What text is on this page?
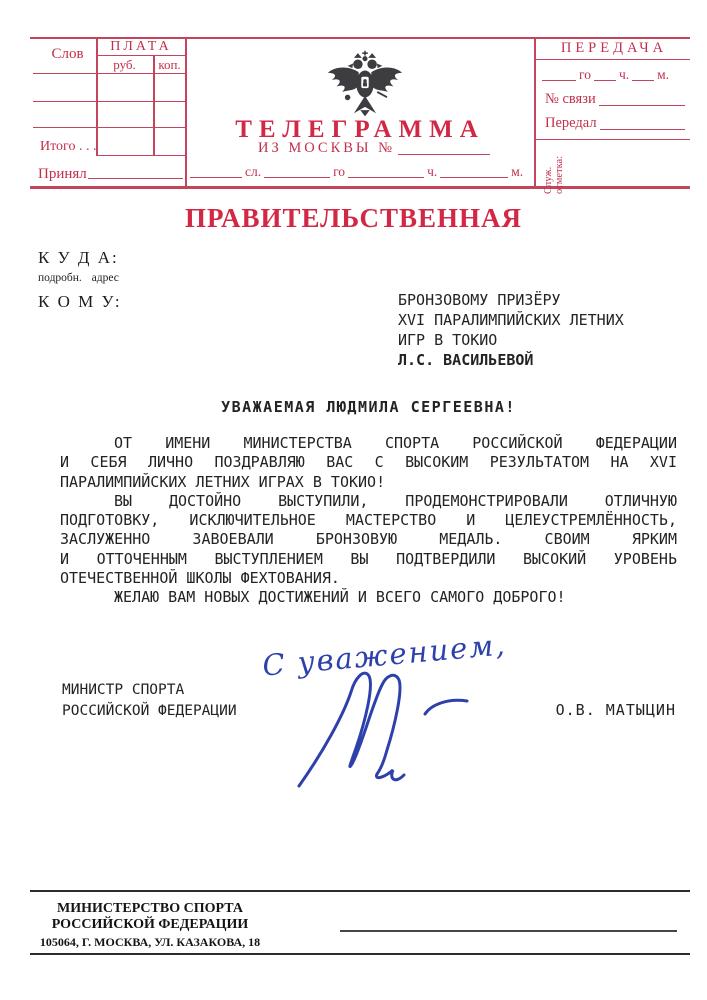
Слов	ПЛАТА
руб.	коп.
Итого . . .
Принял
ТЕЛЕГРАММА
ИЗ МОСКВЫ №
сл.	го	ч.	м.
ПЕРЕДАЧА
го ч. м.
№ связи
Передал
Служ. отметка:
ПРАВИТЕЛЬСТВЕННАЯ
К У Д А:
подробн. адрес
К О М У:	БРОНЗОВОМУ ПРИЗЁРУ
XVI ПАРАЛИМПИЙСКИХ ЛЕТНИХ
ИГР В ТОКИО
Л.С. ВАСИЛЬЕВОЙ
УВАЖАЕМАЯ ЛЮДМИЛА СЕРГЕЕВНА!
ОТ ИМЕНИ МИНИСТЕРСТВА СПОРТА РОССИЙСКОЙ ФЕДЕРАЦИИ
И СЕБЯ ЛИЧНО ПОЗДРАВЛЯЮ ВАС С ВЫСОКИМ РЕЗУЛЬТАТОМ НА XVI
ПАРАЛИМПИЙСКИХ ЛЕТНИХ ИГРАХ В ТОКИО!
ВЫ ДОСТОЙНО ВЫСТУПИЛИ, ПРОДЕМОНСТРИРОВАЛИ ОТЛИЧНУЮ
ПОДГОТОВКУ, ИСКЛЮЧИТЕЛЬНОЕ МАСТЕРСТВО И ЦЕЛЕУСТРЕМЛЁННОСТЬ,
ЗАСЛУЖЕННО ЗАВОЕВАЛИ БРОНЗОВУЮ МЕДАЛЬ. СВОИМ ЯРКИМ
И ОТТОЧЕННЫМ ВЫСТУПЛЕНИЕМ ВЫ ПОДТВЕРДИЛИ ВЫСОКИЙ УРОВЕНЬ
ОТЕЧЕСТВЕННОЙ ШКОЛЫ ФЕХТОВАНИЯ.
ЖЕЛАЮ ВАМ НОВЫХ ДОСТИЖЕНИЙ И ВСЕГО САМОГО ДОБРОГО!
С уважением,
МИНИСТР СПОРТА
РОССИЙСКОЙ ФЕДЕРАЦИИ	О.В. МАТЫЦИН
МИНИСТЕРСТВО СПОРТА
РОССИЙСКОЙ ФЕДЕРАЦИИ
105064, Г. МОСКВА, УЛ. КАЗАКОВА, 18
